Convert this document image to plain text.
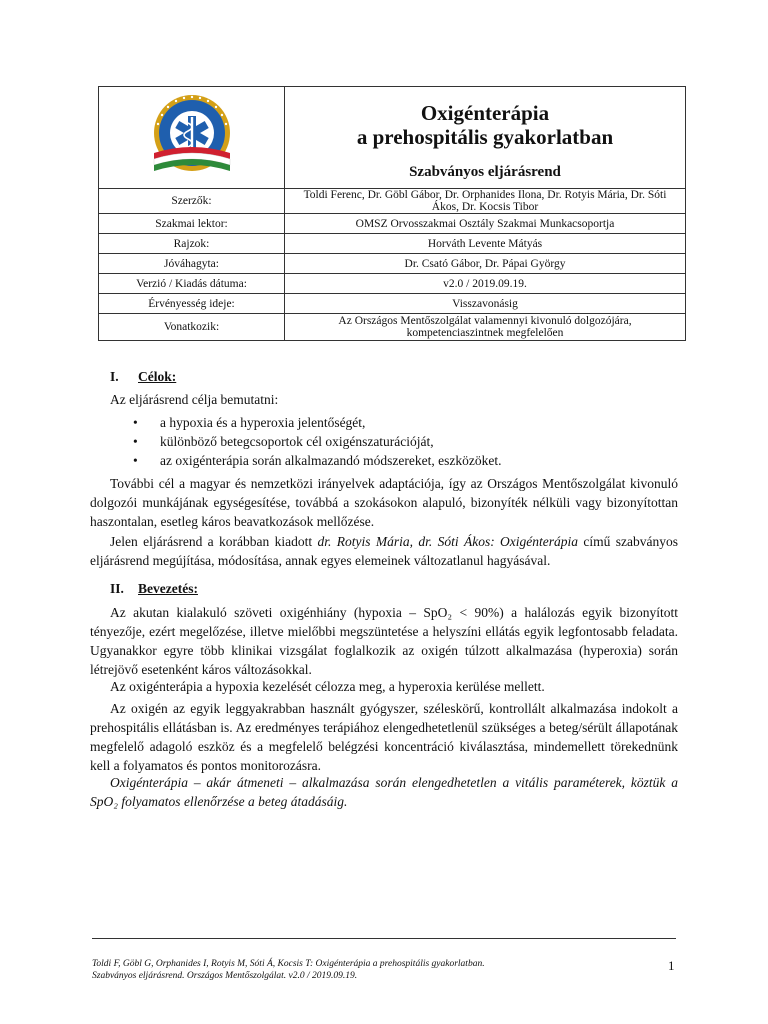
Oxigénterápia
a prehospitális gyakorlatban
Szabványos eljárásrend

Szerzők:	Toldi Ferenc, Dr. Göbl Gábor, Dr. Orphanides Ilona, Dr. Rotyis Mária, Dr. Sóti Ákos, Dr. Kocsis Tibor
Szakmai lektor:	OMSZ Orvosszakmai Osztály Szakmai Munkacsoportja
Rajzok:	Horváth Levente Mátyás
Jóváhagyta:	Dr. Csató Gábor, Dr. Pápai György
Verzió / Kiadás dátuma:	v2.0 / 2019.09.19.
Érvényesség ideje:	Visszavonásig
Vonatkozik:	Az Országos Mentőszolgálat valamennyi kivonuló dolgozójára, kompetenciaszintnek megfelelően
I. Célok:

Az eljárásrend célja bemutatni:

• a hypoxia és a hyperoxia jelentőségét,
• különböző betegcsoportok cél oxigénszaturációját,
• az oxigénterápia során alkalmazandó módszereket, eszközöket.

További cél a magyar és nemzetközi irányelvek adaptációja, így az Országos Mentőszolgálat kivonuló dolgozói munkájának egységesítése, továbbá a szokásokon alapuló, bizonyíték nélküli vagy bizonyítottan haszontalan, esetleg káros beavatkozások mellőzése.

Jelen eljárásrend a korábban kiadott dr. Rotyis Mária, dr. Sóti Ákos: Oxigénterápia című szabványos eljárásrend megújítása, módosítása, annak egyes elemeinek változatlanul hagyásával.

II. Bevezetés:

Az akutan kialakuló szöveti oxigénhiány (hypoxia – SpO₂ < 90%) a halálozás egyik bizonyított tényezője, ezért megelőzése, illetve mielőbbi megszüntetése a helyszíni ellátás egyik legfontosabb feladata. Ugyanakkor egyre több klinikai vizsgálat foglalkozik az oxigén túlzott alkalmazása (hyperoxia) során létrejövő esetenként káros változásokkal.

Az oxigénterápia a hypoxia kezelését célozza meg, a hyperoxia kerülése mellett.

Az oxigén az egyik leggyakrabban használt gyógyszer, széleskörű, kontrollált alkalmazása indokolt a prehospitális ellátásban is. Az eredményes terápiához elengedhetetlenül szükséges a beteg/sérült állapotának megfelelő adagoló eszköz és a megfelelő belégzési koncentráció kiválasztása, mindemellett törekednünk kell a folyamatos és pontos monitorozásra.

Oxigénterápia – akár átmeneti – alkalmazása során elengedhetetlen a vitális paraméterek, köztük a SpO₂ folyamatos ellenőrzése a beteg átadásáig.

Toldi F, Göbl G, Orphanides I, Rotyis M, Sóti Á, Kocsis T: Oxigénterápia a prehospitális gyakorlatban.
Szabványos eljárásrend. Országos Mentőszolgálat. v2.0 / 2019.09.19.
1
